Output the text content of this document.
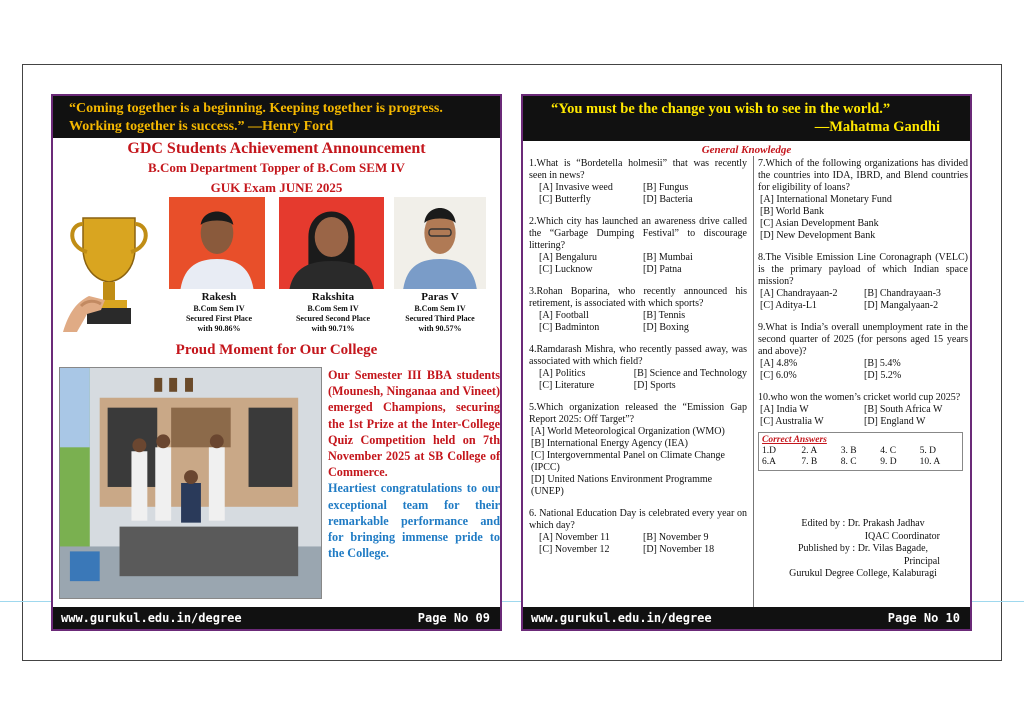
“Coming together is a beginning. Keeping together is progress. Working together is success.” —Henry Ford
GDC Students Achievement Announcement
B.Com Department Topper of B.Com SEM IV
GUK Exam JUNE 2025
Rakesh
B.Com Sem IV
Secured First Place
with 90.86%
Rakshita
B.Com Sem IV
Secured Second Place
with 90.71%
Paras V
B.Com Sem IV
Secured Third Place
with 90.57%
Proud Moment for Our College
Our Semester III BBA students (Mounesh, Ninganaa and Vineet) emerged Champions, securing the 1st Prize at the Inter-College Quiz Competition held on 7th November 2025 at SB College of Commerce.
Heartiest congratulations to our exceptional team for their remarkable performance and for bringing immense pride to the College.
www.gurukul.edu.in/degree	Page No 09
“You must be the change you wish to see in the world.”
—Mahatma Gandhi
General Knowledge
1.What is “Bordetella holmesii” that was recently seen in news?
[A] Invasive weed	[B] Fungus
[C] Butterfly	[D] Bacteria
2.Which city has launched an awareness drive called the “Garbage Dumping Festival” to discourage littering?
[A] Bengaluru	[B] Mumbai
[C] Lucknow	[D] Patna
3.Rohan Boparina, who recently announced his retirement, is associated with which sports?
[A] Football	[B] Tennis
[C] Badminton	[D] Boxing
4.Ramdarash Mishra, who recently passed away, was associated with which field?
[A] Politics	[B] Science and Technology
[C] Literature	[D] Sports
5.Which organization released the “Emission Gap Report 2025: Off Target”?
[A] World Meteorological Organization (WMO)
[B] International Energy Agency (IEA)
[C] Intergovernmental Panel on Climate Change (IPCC)
[D] United Nations Environment Programme (UNEP)
6. National Education Day is celebrated every year on which day?
[A] November 11	[B] November 9
[C] November 12	[D] November 18
7.Which of the following organizations has divided the countries into IDA, IBRD, and Blend countries for eligibility of loans?
[A] International Monetary Fund
[B] World Bank
[C] Asian Development Bank
[D] New Development Bank
8.The Visible Emission Line Coronagraph (VELC) is the primary payload of which Indian space mission?
[A] Chandrayaan-2	[B] Chandrayaan-3
[C] Aditya-L1	[D] Mangalyaan-2
9.What is India’s overall unemployment rate in the second quarter of 2025 (for persons aged 15 years and above)?
[A] 4.8%	[B] 5.4%
[C] 6.0%	[D] 5.2%
10.who won the women’s cricket world cup 2025?
[A] India W	[B] South Africa W
[C] Australia W	[D] England W
Correct Answers
1.D	2. A	3. B	4. C	5. D
6.A	7. B	8. C	9. D	10. A
Edited by : Dr. Prakash Jadhav
IQAC Coordinator
Published by : Dr. Vilas Bagade,
Principal
Gurukul Degree College, Kalaburagi
www.gurukul.edu.in/degree	Page No 10
